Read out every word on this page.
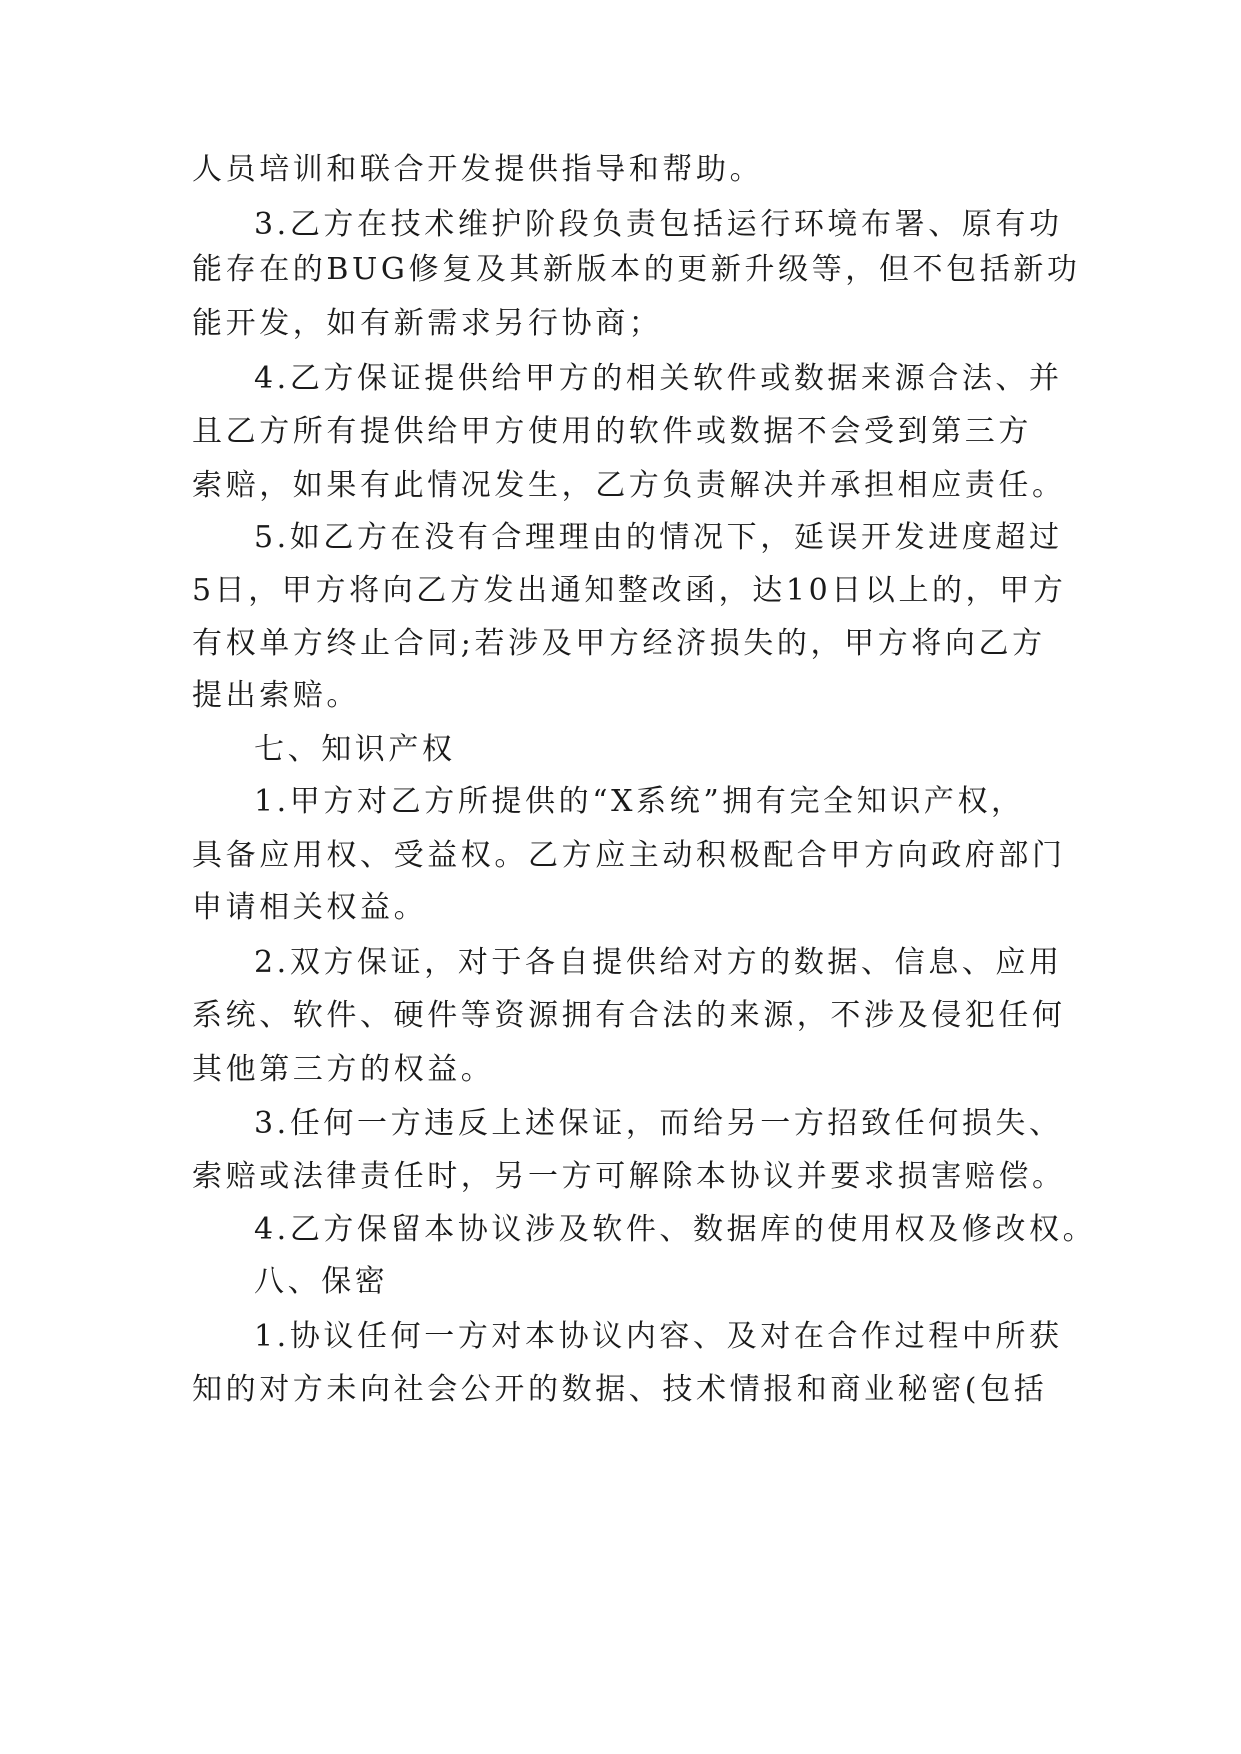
人员培训和联合开发提供指导和帮助。
3.乙方在技术维护阶段负责包括运行环境布署、原有功
能存在的BUG修复及其新版本的更新升级等，但不包括新功
能开发，如有新需求另行协商；
4.乙方保证提供给甲方的相关软件或数据来源合法、并
且乙方所有提供给甲方使用的软件或数据不会受到第三方
索赔，如果有此情况发生，乙方负责解决并承担相应责任。
5.如乙方在没有合理理由的情况下，延误开发进度超过
5日，甲方将向乙方发出通知整改函，达10日以上的，甲方
有权单方终止合同;若涉及甲方经济损失的，甲方将向乙方
提出索赔。
七、知识产权
1.甲方对乙方所提供的“X系统”拥有完全知识产权，
具备应用权、受益权。乙方应主动积极配合甲方向政府部门
申请相关权益。
2.双方保证，对于各自提供给对方的数据、信息、应用
系统、软件、硬件等资源拥有合法的来源，不涉及侵犯任何
其他第三方的权益。
3.任何一方违反上述保证，而给另一方招致任何损失、
索赔或法律责任时，另一方可解除本协议并要求损害赔偿。
4.乙方保留本协议涉及软件、数据库的使用权及修改权。
八、保密
1.协议任何一方对本协议内容、及对在合作过程中所获
知的对方未向社会公开的数据、技术情报和商业秘密(包括
